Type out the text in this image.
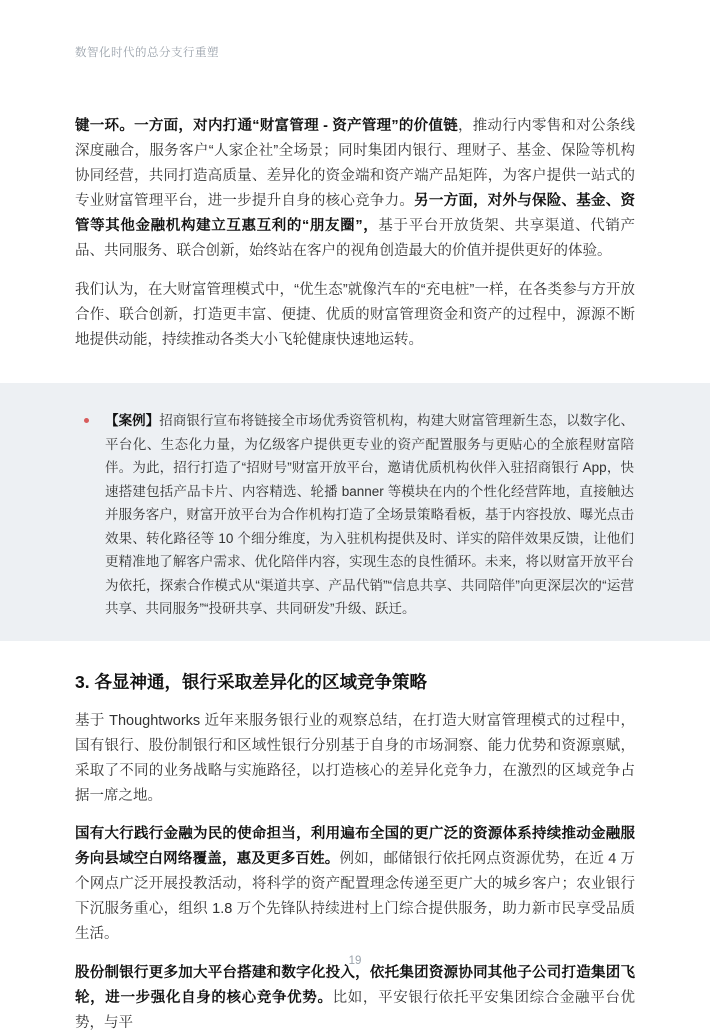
数智化时代的总分支行重塑

键一环。一方面，对内打通“财富管理 - 资产管理”的价值链，推动行内零售和对公条线深度融合，服务客户“人家企社”全场景；同时集团内银行、理财子、基金、保险等机构协同经营，共同打造高质量、差异化的资金端和资产端产品矩阵，为客户提供一站式的专业财富管理平台，进一步提升自身的核心竞争力。另一方面，对外与保险、基金、资管等其他金融机构建立互惠互利的“朋友圈”，基于平台开放货架、共享渠道、代销产品、共同服务、联合创新，始终站在客户的视角创造最大的价值并提供更好的体验。

我们认为，在大财富管理模式中，“优生态”就像汽车的“充电桩”一样，在各类参与方开放合作、联合创新，打造更丰富、便捷、优质的财富管理资金和资产的过程中，源源不断地提供动能，持续推动各类大小飞轮健康快速地运转。

【案例】招商银行宣布将链接全市场优秀资管机构，构建大财富管理新生态，以数字化、平台化、生态化力量，为亿级客户提供更专业的资产配置服务与更贴心的全旅程财富陪伴。为此，招行打造了“招财号”财富开放平台，邀请优质机构伙伴入驻招商银行 App，快速搭建包括产品卡片、内容精选、轮播 banner 等模块在内的个性化经营阵地，直接触达并服务客户，财富开放平台为合作机构打造了全场景策略看板，基于内容投放、曝光点击效果、转化路径等 10 个细分维度，为入驻机构提供及时、详实的陪伴效果反馈，让他们更精准地了解客户需求、优化陪伴内容，实现生态的良性循环。未来，将以财富开放平台为依托，探索合作模式从“渠道共享、产品代销”“信息共享、共同陪伴”向更深层次的“运营共享、共同服务”“投研共享、共同研发”升级、跃迁。
3. 各显神通，银行采取差异化的区域竞争策略

基于 Thoughtworks 近年来服务银行业的观察总结，在打造大财富管理模式的过程中，国有银行、股份制银行和区域性银行分别基于自身的市场洞察、能力优势和资源禀赋，采取了不同的业务战略与实施路径，以打造核心的差异化竞争力，在激烈的区域竞争占据一席之地。

国有大行践行金融为民的使命担当，利用遍布全国的更广泛的资源体系持续推动金融服务向县域空白网络覆盖，惠及更多百姓。例如，邮储银行依托网点资源优势，在近 4 万个网点广泛开展投教活动，将科学的资产配置理念传递至更广大的城乡客户；农业银行下沉服务重心，组织 1.8 万个先锋队持续进村上门综合提供服务，助力新市民享受品质生活。

股份制银行更多加大平台搭建和数字化投入，依托集团资源协同其他子公司打造集团飞轮，进一步强化自身的核心竞争优势。比如，平安银行依托平安集团综合金融平台优势，与平

19
